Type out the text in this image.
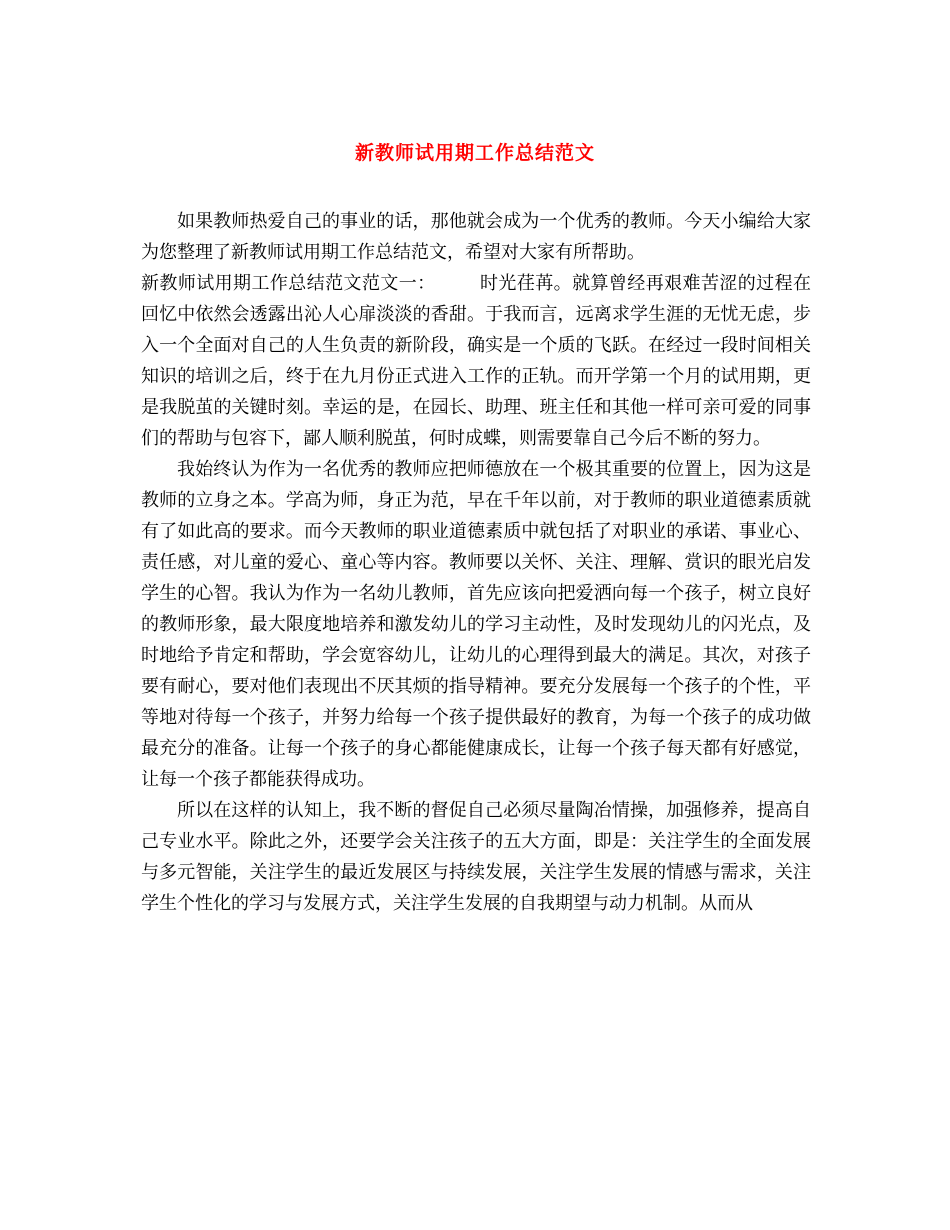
新教师试用期工作总结范文

如果教师热爱自己的事业的话，那他就会成为一个优秀的教师。今天小编给大家为您整理了新教师试用期工作总结范文，希望对大家有所帮助。

新教师试用期工作总结范文范文一： 时光荏苒。就算曾经再艰难苦涩的过程在回忆中依然会透露出沁人心扉淡淡的香甜。于我而言，远离求学生涯的无忧无虑，步入一个全面对自己的人生负责的新阶段，确实是一个质的飞跃。在经过一段时间相关知识的培训之后，终于在九月份正式进入工作的正轨。而开学第一个月的试用期，更是我脱茧的关键时刻。幸运的是，在园长、助理、班主任和其他一样可亲可爱的同事们的帮助与包容下，鄙人顺利脱茧，何时成蝶，则需要靠自己今后不断的努力。

我始终认为作为一名优秀的教师应把师德放在一个极其重要的位置上，因为这是教师的立身之本。学高为师，身正为范，早在千年以前，对于教师的职业道德素质就有了如此高的要求。而今天教师的职业道德素质中就包括了对职业的承诺、事业心、责任感，对儿童的爱心、童心等内容。教师要以关怀、关注、理解、赏识的眼光启发学生的心智。我认为作为一名幼儿教师，首先应该向把爱洒向每一个孩子，树立良好的教师形象，最大限度地培养和激发幼儿的学习主动性，及时发现幼儿的闪光点，及时地给予肯定和帮助，学会宽容幼儿，让幼儿的心理得到最大的满足。其次，对孩子要有耐心，要对他们表现出不厌其烦的指导精神。要充分发展每一个孩子的个性，平等地对待每一个孩子，并努力给每一个孩子提供最好的教育，为每一个孩子的成功做最充分的准备。让每一个孩子的身心都能健康成长，让每一个孩子每天都有好感觉，让每一个孩子都能获得成功。

所以在这样的认知上，我不断的督促自己必须尽量陶冶情操，加强修养，提高自己专业水平。除此之外，还要学会关注孩子的五大方面，即是：关注学生的全面发展与多元智能，关注学生的最近发展区与持续发展，关注学生发展的情感与需求，关注学生个性化的学习与发展方式，关注学生发展的自我期望与动力机制。从而从
